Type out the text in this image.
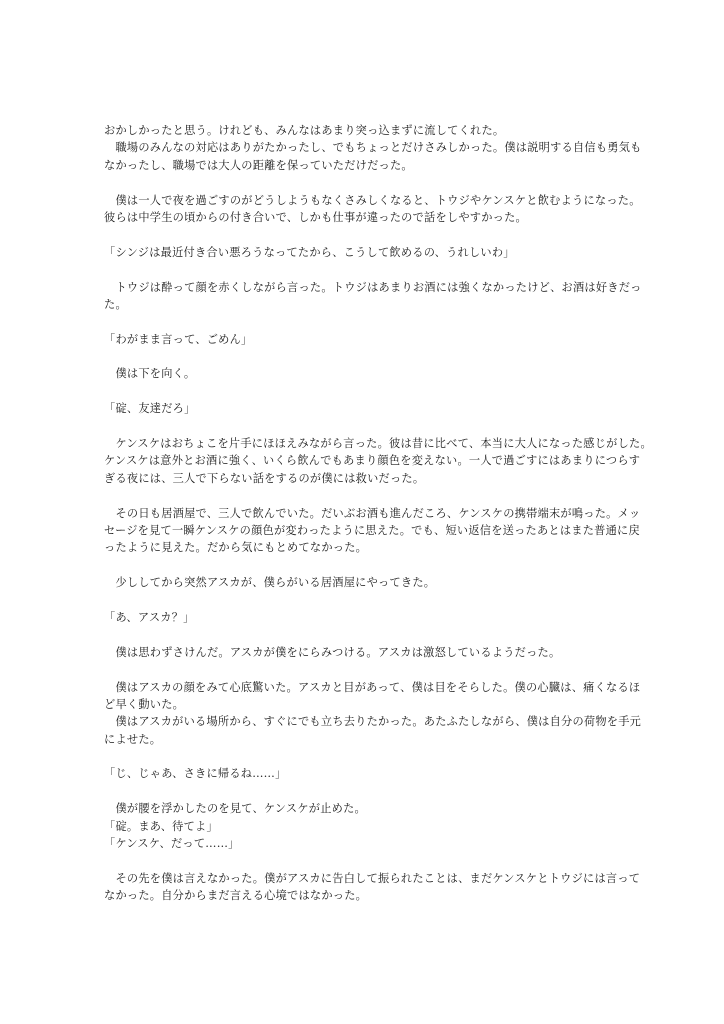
おかしかったと思う。けれども、みんなはあまり突っ込まずに流してくれた。
　職場のみんなの対応はありがたかったし、でもちょっとだけさみしかった。僕は説明する自信も勇気も
なかったし、職場では大人の距離を保っていただけだった。
　僕は一人で夜を過ごすのがどうしようもなくさみしくなると、トウジやケンスケと飲むようになった。
彼らは中学生の頃からの付き合いで、しかも仕事が違ったので話をしやすかった。
「シンジは最近付き合い悪ろうなってたから、こうして飲めるの、うれしいわ」
　トウジは酔って顔を赤くしながら言った。トウジはあまりお酒には強くなかったけど、お酒は好きだっ
た。
「わがまま言って、ごめん」
　僕は下を向く。
「碇、友達だろ」
　ケンスケはおちょこを片手にほほえみながら言った。彼は昔に比べて、本当に大人になった感じがした。
ケンスケは意外とお酒に強く、いくら飲んでもあまり顔色を変えない。一人で過ごすにはあまりにつらす
ぎる夜には、三人で下らない話をするのが僕には救いだった。
　その日も居酒屋で、三人で飲んでいた。だいぶお酒も進んだころ、ケンスケの携帯端末が鳴った。メッ
セージを見て一瞬ケンスケの顔色が変わったように思えた。でも、短い返信を送ったあとはまた普通に戻
ったように見えた。だから気にもとめてなかった。
　少ししてから突然アスカが、僕らがいる居酒屋にやってきた。
「あ、アスカ？」
　僕は思わずさけんだ。アスカが僕をにらみつける。アスカは激怒しているようだった。
　僕はアスカの顔をみて心底驚いた。アスカと目があって、僕は目をそらした。僕の心臓は、痛くなるほ
ど早く動いた。
　僕はアスカがいる場所から、すぐにでも立ち去りたかった。あたふたしながら、僕は自分の荷物を手元
によせた。
「じ、じゃあ、さきに帰るね……」
　僕が腰を浮かしたのを見て、ケンスケが止めた。
「碇。まあ、待てよ」
「ケンスケ、だって……」
　その先を僕は言えなかった。僕がアスカに告白して振られたことは、まだケンスケとトウジには言って
なかった。自分からまだ言える心境ではなかった。
